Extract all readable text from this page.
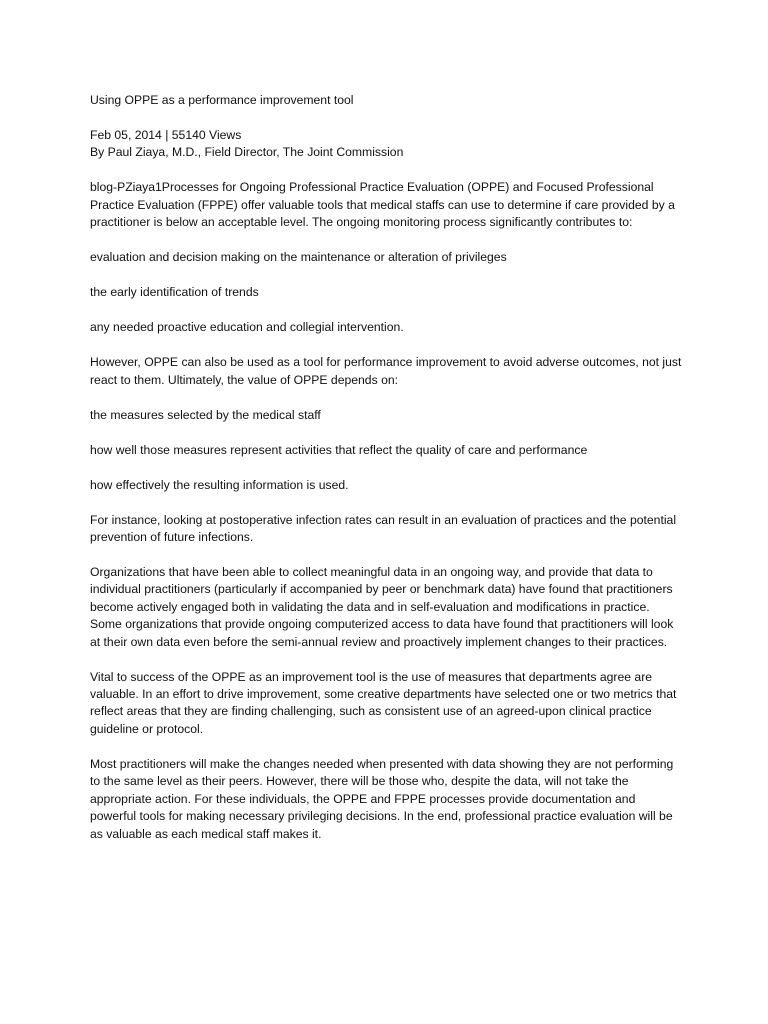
Using OPPE as a performance improvement tool

Feb 05, 2014 | 55140 Views

By Paul Ziaya, M.D., Field Director, The Joint Commission

blog-PZiaya1Processes for Ongoing Professional Practice Evaluation (OPPE) and Focused Professional Practice Evaluation (FPPE) offer valuable tools that medical staffs can use to determine if care provided by a practitioner is below an acceptable level. The ongoing monitoring process significantly contributes to:

evaluation and decision making on the maintenance or alteration of privileges

the early identification of trends

any needed proactive education and collegial intervention.

However, OPPE can also be used as a tool for performance improvement to avoid adverse outcomes, not just react to them. Ultimately, the value of OPPE depends on:

the measures selected by the medical staff

how well those measures represent activities that reflect the quality of care and performance

how effectively the resulting information is used.

For instance, looking at postoperative infection rates can result in an evaluation of practices and the potential prevention of future infections.

Organizations that have been able to collect meaningful data in an ongoing way, and provide that data to individual practitioners (particularly if accompanied by peer or benchmark data) have found that practitioners become actively engaged both in validating the data and in self-evaluation and modifications in practice. Some organizations that provide ongoing computerized access to data have found that practitioners will look at their own data even before the semi-annual review and proactively implement changes to their practices.

Vital to success of the OPPE as an improvement tool is the use of measures that departments agree are valuable. In an effort to drive improvement, some creative departments have selected one or two metrics that reflect areas that they are finding challenging, such as consistent use of an agreed-upon clinical practice guideline or protocol.

Most practitioners will make the changes needed when presented with data showing they are not performing to the same level as their peers. However, there will be those who, despite the data, will not take the appropriate action. For these individuals, the OPPE and FPPE processes provide documentation and powerful tools for making necessary privileging decisions. In the end, professional practice evaluation will be as valuable as each medical staff makes it.
